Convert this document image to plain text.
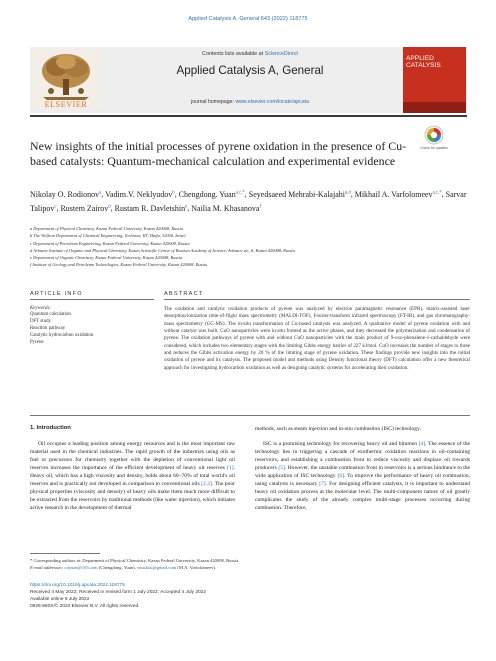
Applied Catalysis A, General 643 (2022) 118775
Contents lists available at ScienceDirect
Applied Catalysis A, General
journal homepage: www.elsevier.com/locate/apcata
ELSEVIER
APPLIED CATALYSIS
New insights of the initial processes of pyrene oxidation in the presence of Cu-based catalysts: Quantum-mechanical calculation and experimental evidence
Check for updates
Nikolay O. Rodionov$^a$, Vadim.V. Neklyudov$^b$, Chengdong. Yuan$^{a,c,*}$, Seyedsaeed Mehrabi-Kalajahi$^{a,d}$, Mikhail A. Varfolomeev$^{a,c,*}$, Sarvar Talipov$^c$, Rustem Zairov$^d$, Rustam R. Davletshin$^e$, Nailia M. Khasanova$^f$
a Department of Physical Chemistry, Kazan Federal University, Kazan 420008, Russia
b The Wolfson Department of Chemical Engineering, Technion, IIT, Haifa, 32000, Israel
c Department of Petroleum Engineering, Kazan Federal University, Kazan 420008, Russia
d Arbuzov Institute of Organic and Physical Chemistry, Kazan Scientific Center of Russian Academy of Science, Arbuzov str., 8, Kazan 420088, Russia
e Department of Organic Chemistry, Kazan Federal University, Kazan 420008, Russia
f Institute of Geology and Petroleum Technologies, Kazan Federal University, Kazan 420008, Russia
ARTICLE INFO	ABSTRACT
Keywords:
Quantum calculation
DFT study
Reaction pathway
Catalytic hydrocarbon oxidation
Pyrene
The oxidation and catalytic oxidation products of pyrene was analyzed by electron paramagnetic resonance (EPR), matrix-assisted laser desorption/ionization time-of-flight mass spectrometry (MALDI-TOF), Fourier-transform infrared spectroscopy (FT-IR), and gas chromatography-mass spectrometry (GC-MS). The in-situ transformation of Cu-based catalysts was analyzed. A qualitative model of pyrene oxidation with and without catalyst was built. CuO nanoparticles were in-situ formed as the active phases, and they decreased the polymerization and condensation of pyrene. The oxidation pathways of pyrene with and without CuO nanoparticles with the main product of 9-oxo-phenalene-1-carbaldehyde were considered, which includes two elementary stages with the limiting Gibbs energy barrier of 227 kJ/mol. CuO increases the number of stages to three and reduces the Gibbs activation energy by 20 % of the limiting stage of pyrene oxidation. These findings provide new insights into the initial oxidation of pyrene and its catalysis. The proposed model and methods using Density functional theory (DFT) calculation offer a new theoretical approach for investigating hydrocarbon oxidation as well as designing catalytic systems for accelerating their oxidation.
1. Introduction
Oil occupies a leading position among energy resources and is the most important raw material used in the chemical industries. The rapid growth of the industries using oils as fuel or precursors for chemistry together with the depletion of conventional light oil reserves increases the importance of the efficient development of heavy oil reserves [1]. Heavy oil, which has a high viscosity and density, holds about 60–70% of total world's oil reserves and is practically not developed in comparison to conventional oils [2,3]. The poor physical properties (viscosity and density) of heavy oils make them much more difficult to be extracted from the reservoirs by traditional methods (like water injection), which initiates active research in the development of thermal
methods, such as steam injection and in-situ combustion (ISC) technology.
ISC is a promising technology for recovering heavy oil and bitumen [4]. The essence of the technology lies in triggering a cascade of exothermic oxidation reactions in oil-containing reservoirs, and establishing a combustion front to reduce viscosity and displace oil towards producers [5]. However, the unstable combustion front in reservoirs is a serious hindrance to the wide application of ISC technology [6]. To improve the performance of heavy oil combustion, using catalysts is necessary [7]. For designing efficient catalysts, it is important to understand heavy oil oxidation process at the molecular level. The multi-component nature of oil greatly complicates the study of the already complex multi-stage processes occurring during combustion. Therefore,
* Corresponding authors at: Department of Physical Chemistry, Kazan Federal University, Kazan 420008, Russia
E-mail addresses: cdyuan@163.com (Chengdong. Yuan), vma.ksu@gmail.com (M.A. Varfolomeev).
https://doi.org/10.1016/j.apcata.2022.118775
Received 4 May 2022; Received in revised form 1 July 2022; Accepted 4 July 2022
Available online 6 July 2022
0926-860X/© 2022 Elsevier B.V. All rights reserved.
